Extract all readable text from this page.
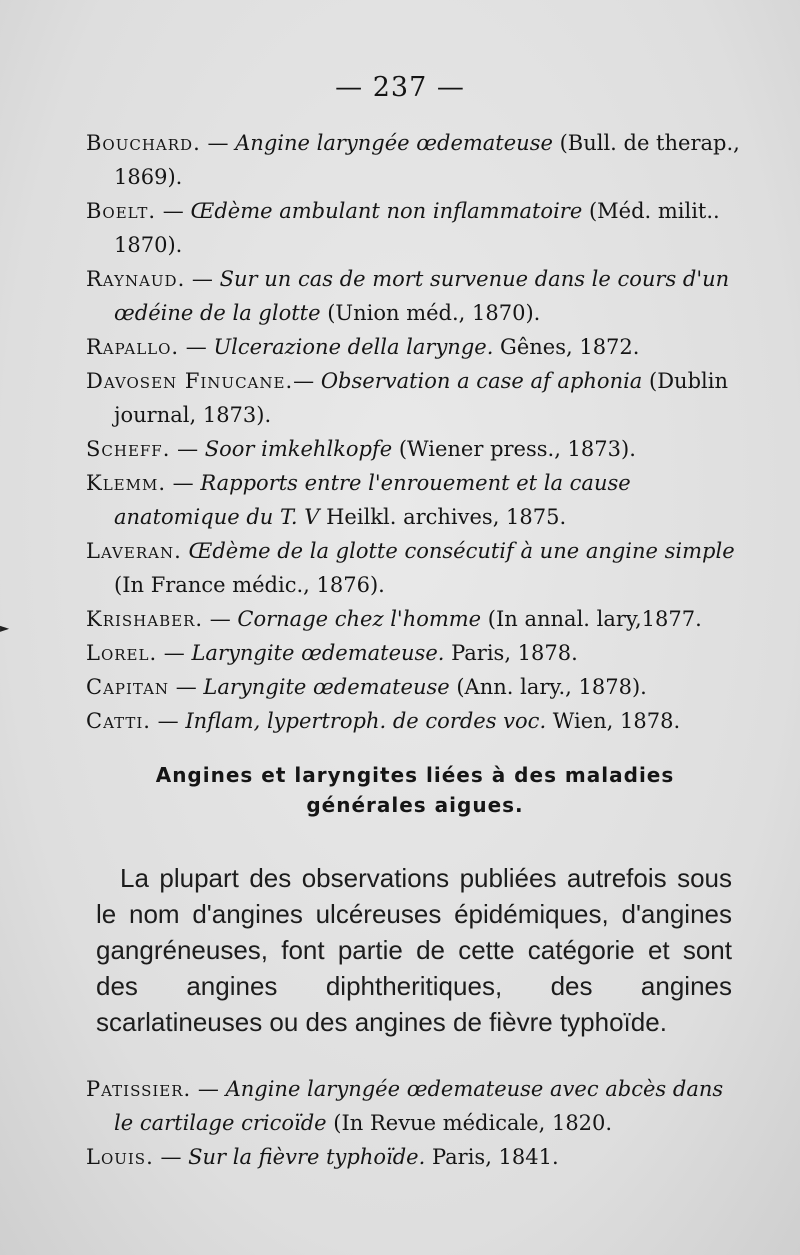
— 237 —
Bouchard. — Angine laryngée œdemateuse (Bull. de therap., 1869).
Boelt. — Œdème ambulant non inflammatoire (Méd. milit.. 1870).
Raynaud. — Sur un cas de mort survenue dans le cours d'un œdéine de la glotte (Union méd., 1870).
Rapallo. — Ulcerazione della larynge. Gênes, 1872.
Davosen Finucane.— Observation a case af aphonia (Dublin journal, 1873).
Scheff. — Soor imkehlkopfe (Wiener press., 1873).
Klemm. — Rapports entre l'enrouement et la cause anatomique du T. V Heilkl. archives, 1875.
Laveran. Œdème de la glotte consécutif à une angine simple (In France médic., 1876).
Krishaber. — Cornage chez l'homme (In annal. lary,1877.
Lorel. — Laryngite œdemateuse. Paris, 1878.
Capitan — Laryngite œdemateuse (Ann. lary., 1878).
Catti. — Inflam, lypertroph. de cordes voc. Wien, 1878.
Angines et laryngites liées à des maladies
générales aigues.
La plupart des observations publiées autrefois sous le nom d'angines ulcéreuses épidémiques, d'angines gangréneuses, font partie de cette catégorie et sont des angines diphtheritiques, des angines scarlatineuses ou des angines de fièvre typhoïde.
Patissier. — Angine laryngée œdemateuse avec abcès dans le cartilage cricoïde (In Revue médicale, 1820.
Louis. — Sur la fièvre typhoïde. Paris, 1841.
►
